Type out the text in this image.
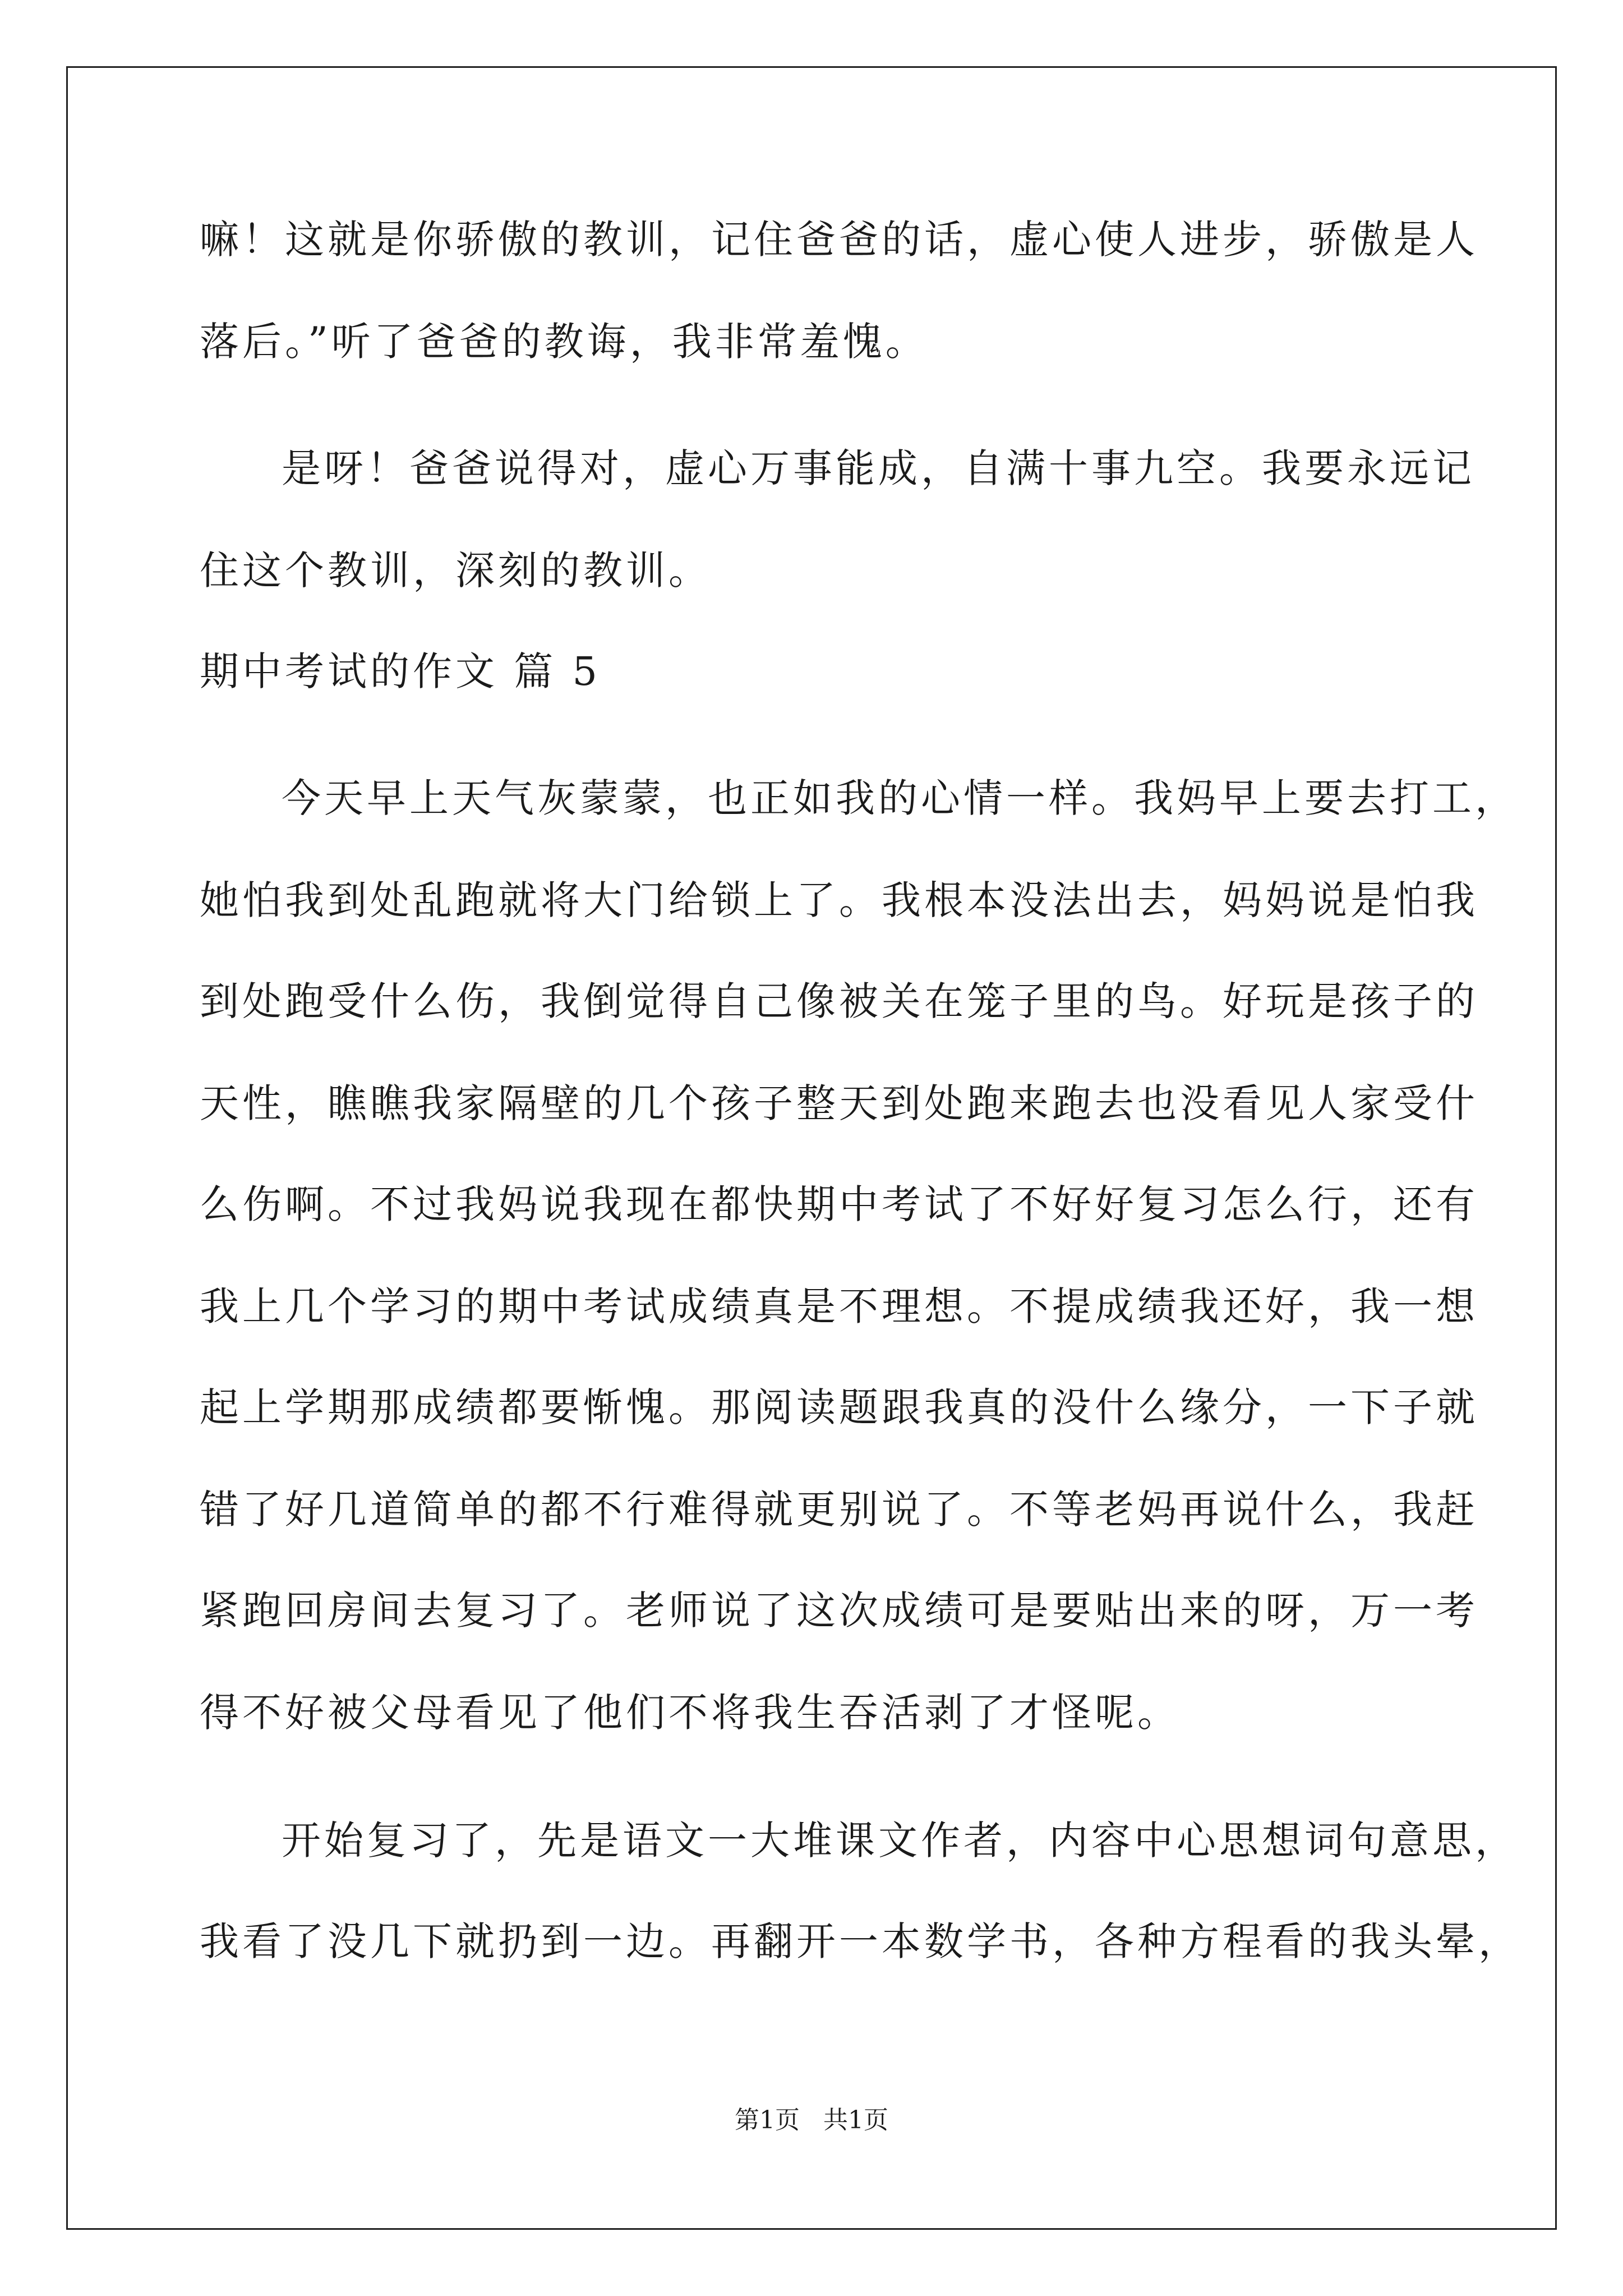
嘛！这就是你骄傲的教训，记住爸爸的话，虚心使人进步，骄傲是人
落后。”听了爸爸的教诲，我非常羞愧。
是呀！爸爸说得对，虚心万事能成，自满十事九空。我要永远记
住这个教训，深刻的教训。
期中考试的作文 篇 5
今天早上天气灰蒙蒙，也正如我的心情一样。我妈早上要去打工，
她怕我到处乱跑就将大门给锁上了。我根本没法出去，妈妈说是怕我
到处跑受什么伤，我倒觉得自己像被关在笼子里的鸟。好玩是孩子的
天性，瞧瞧我家隔壁的几个孩子整天到处跑来跑去也没看见人家受什
么伤啊。不过我妈说我现在都快期中考试了不好好复习怎么行，还有
我上几个学习的期中考试成绩真是不理想。不提成绩我还好，我一想
起上学期那成绩都要惭愧。那阅读题跟我真的没什么缘分，一下子就
错了好几道简单的都不行难得就更别说了。不等老妈再说什么，我赶
紧跑回房间去复习了。老师说了这次成绩可是要贴出来的呀，万一考
得不好被父母看见了他们不将我生吞活剥了才怪呢。
开始复习了，先是语文一大堆课文作者，内容中心思想词句意思，
我看了没几下就扔到一边。再翻开一本数学书，各种方程看的我头晕，
第1页   共1页
